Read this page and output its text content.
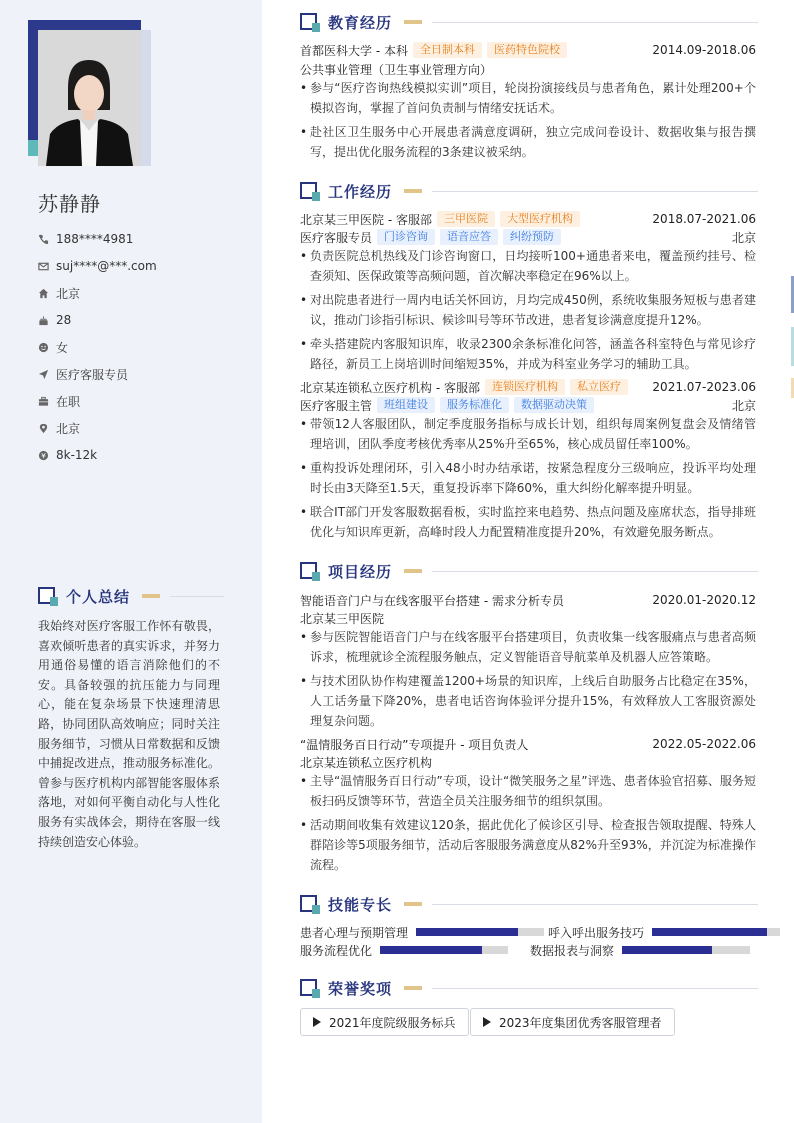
苏静静
188****4981
suj****@***.com
北京
28
女
医疗客服专员
在职
北京
8k-12k
个人总结
我始终对医疗客服工作怀有敬畏，喜欢倾听患者的真实诉求，并努力用通俗易懂的语言消除他们的不安。具备较强的抗压能力与同理心，能在复杂场景下快速理清思路，协同团队高效响应；同时关注服务细节，习惯从日常数据和反馈中捕捉改进点，推动服务标准化。曾参与医疗机构内部智能客服体系落地，对如何平衡自动化与人性化服务有实战体会，期待在客服一线持续创造安心体验。
教育经历
首都医科大学 - 本科	全日制本科	医药特色院校	2014.09-2018.06
公共事业管理（卫生事业管理方向）
• 参与“医疗咨询热线模拟实训”项目，轮岗扮演接线员与患者角色，累计处理200+个模拟咨询，掌握了首问负责制与情绪安抚话术。
• 赴社区卫生服务中心开展患者满意度调研，独立完成问卷设计、数据收集与报告撰写，提出优化服务流程的3条建议被采纳。
工作经历
北京某三甲医院 - 客服部	三甲医院	大型医疗机构	2018.07-2021.06
医疗客服专员	门诊咨询	语音应答	纠纷预防	北京
• 负责医院总机热线及门诊咨询窗口，日均接听100+通患者来电，覆盖预约挂号、检查须知、医保政策等高频问题，首次解决率稳定在96%以上。
• 对出院患者进行一周内电话关怀回访，月均完成450例，系统收集服务短板与患者建议，推动门诊指引标识、候诊叫号等环节改进，患者复诊满意度提升12%。
• 牵头搭建院内客服知识库，收录2300余条标准化问答，涵盖各科室特色与常见诊疗路径，新员工上岗培训时间缩短35%，并成为科室业务学习的辅助工具。
北京某连锁私立医疗机构 - 客服部	连锁医疗机构	私立医疗	2021.07-2023.06
医疗客服主管	班组建设	服务标准化	数据驱动决策	北京
• 带领12人客服团队，制定季度服务指标与成长计划，组织每周案例复盘会及情绪管理培训，团队季度考核优秀率从25%升至65%，核心成员留任率100%。
• 重构投诉处理闭环，引入48小时办结承诺，按紧急程度分三级响应，投诉平均处理时长由3天降至1.5天，重复投诉率下降60%，重大纠纷化解率提升明显。
• 联合IT部门开发客服数据看板，实时监控来电趋势、热点问题及座席状态，指导排班优化与知识库更新，高峰时段人力配置精准度提升20%，有效避免服务断点。
项目经历
智能语音门户与在线客服平台搭建 - 需求分析专员	2020.01-2020.12
北京某三甲医院
• 参与医院智能语音门户与在线客服平台搭建项目，负责收集一线客服痛点与患者高频诉求，梳理就诊全流程服务触点，定义智能语音导航菜单及机器人应答策略。
• 与技术团队协作构建覆盖1200+场景的知识库，上线后自助服务占比稳定在35%，人工话务量下降20%，患者电话咨询体验评分提升15%，有效释放人工客服资源处理复杂问题。
“温情服务百日行动”专项提升 - 项目负责人	2022.05-2022.06
北京某连锁私立医疗机构
• 主导“温情服务百日行动”专项，设计“微笑服务之星”评选、患者体验官招募、服务短板扫码反馈等环节，营造全员关注服务细节的组织氛围。
• 活动期间收集有效建议120条，据此优化了候诊区引导、检查报告领取提醒、特殊人群陪诊等5项服务细节，活动后客服服务满意度从82%升至93%，并沉淀为标准操作流程。
技能专长
患者心理与预期管理	呼入呼出服务技巧
服务流程优化	数据报表与洞察
荣誉奖项
2021年度院级服务标兵	2023年度集团优秀客服管理者
